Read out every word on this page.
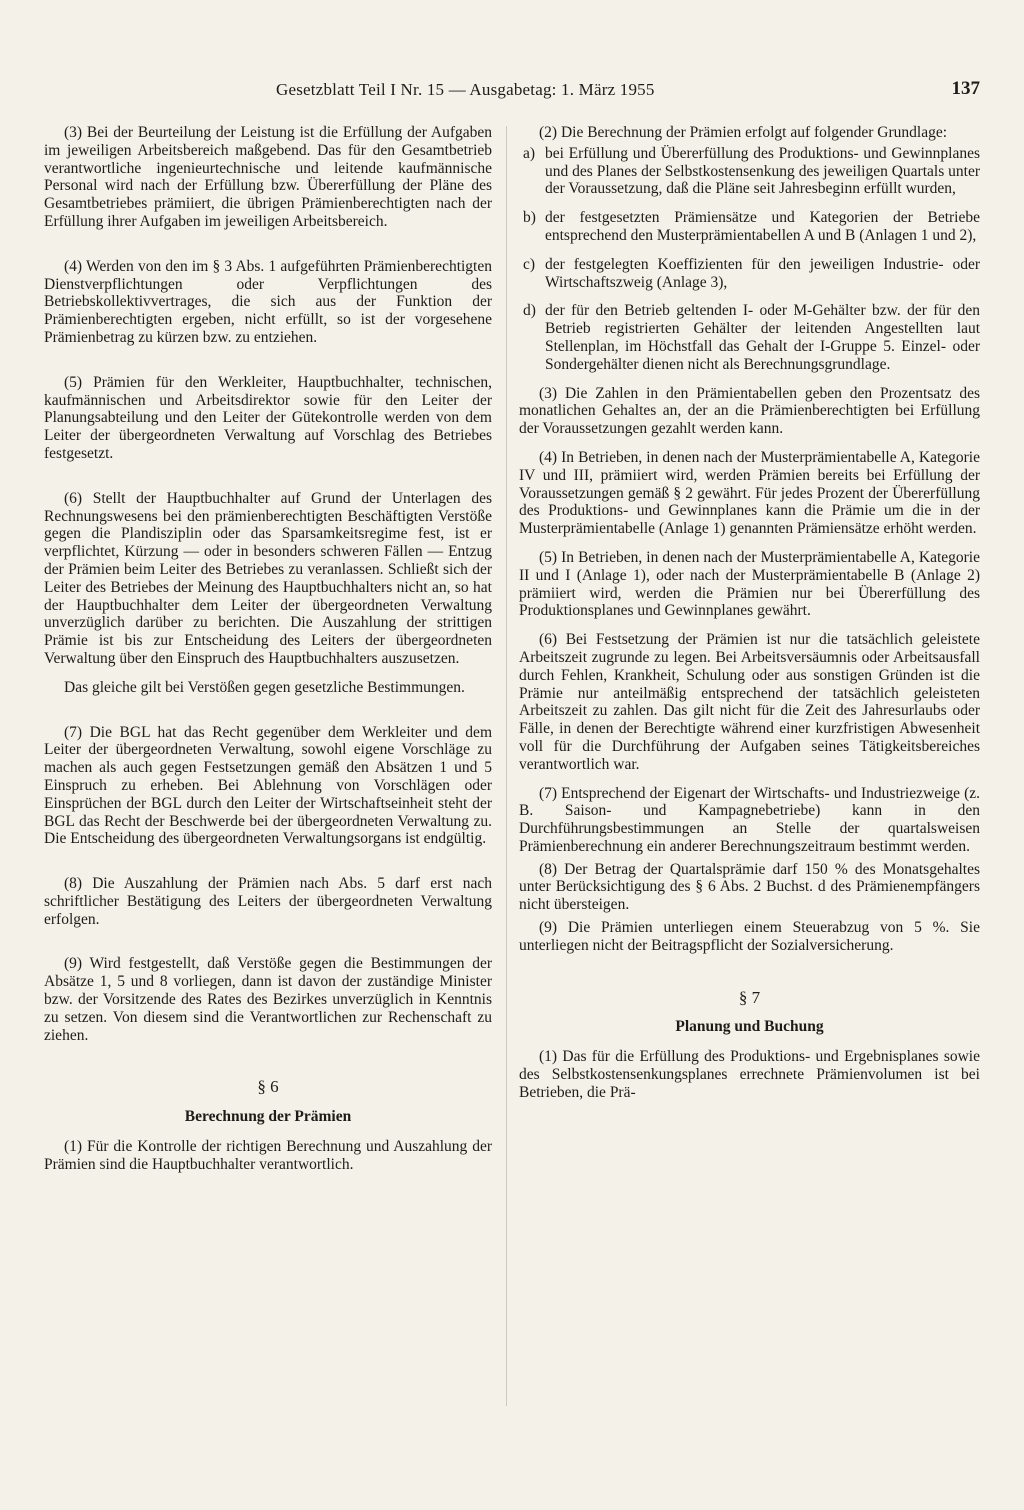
Gesetzblatt Teil I Nr. 15 — Ausgabetag: 1. März 1955	137

(3) Bei der Beurteilung der Leistung ist die Erfüllung der Aufgaben im jeweiligen Arbeitsbereich maßgebend. Das für den Gesamtbetrieb verantwortliche ingenieurtechnische und leitende kaufmännische Personal wird nach der Erfüllung bzw. Übererfüllung der Pläne des Gesamtbetriebes prämiiert, die übrigen Prämienberechtigten nach der Erfüllung ihrer Aufgaben im jeweiligen Arbeitsbereich.

(4) Werden von den im § 3 Abs. 1 aufgeführten Prämienberechtigten Dienstverpflichtungen oder Verpflichtungen des Betriebskollektivvertrages, die sich aus der Funktion der Prämienberechtigten ergeben, nicht erfüllt, so ist der vorgesehene Prämienbetrag zu kürzen bzw. zu entziehen.

(5) Prämien für den Werkleiter, Hauptbuchhalter, technischen, kaufmännischen und Arbeitsdirektor sowie für den Leiter der Planungsabteilung und den Leiter der Gütekontrolle werden von dem Leiter der übergeordneten Verwaltung auf Vorschlag des Betriebes festgesetzt.

(6) Stellt der Hauptbuchhalter auf Grund der Unterlagen des Rechnungswesens bei den prämienberechtigten Beschäftigten Verstöße gegen die Plandisziplin oder das Sparsamkeitsregime fest, ist er verpflichtet, Kürzung — oder in besonders schweren Fällen — Entzug der Prämien beim Leiter des Betriebes zu veranlassen. Schließt sich der Leiter des Betriebes der Meinung des Hauptbuchhalters nicht an, so hat der Hauptbuchhalter dem Leiter der übergeordneten Verwaltung unverzüglich darüber zu berichten. Die Auszahlung der strittigen Prämie ist bis zur Entscheidung des Leiters der übergeordneten Verwaltung über den Einspruch des Hauptbuchhalters auszusetzen.

Das gleiche gilt bei Verstößen gegen gesetzliche Bestimmungen.

(7) Die BGL hat das Recht gegenüber dem Werkleiter und dem Leiter der übergeordneten Verwaltung, sowohl eigene Vorschläge zu machen als auch gegen Festsetzungen gemäß den Absätzen 1 und 5 Einspruch zu erheben. Bei Ablehnung von Vorschlägen oder Einsprüchen der BGL durch den Leiter der Wirtschaftseinheit steht der BGL das Recht der Beschwerde bei der übergeordneten Verwaltung zu. Die Entscheidung des übergeordneten Verwaltungsorgans ist endgültig.

(8) Die Auszahlung der Prämien nach Abs. 5 darf erst nach schriftlicher Bestätigung des Leiters der übergeordneten Verwaltung erfolgen.

(9) Wird festgestellt, daß Verstöße gegen die Bestimmungen der Absätze 1, 5 und 8 vorliegen, dann ist davon der zuständige Minister bzw. der Vorsitzende des Rates des Bezirkes unverzüglich in Kenntnis zu setzen. Von diesem sind die Verantwortlichen zur Rechenschaft zu ziehen.

§ 6
Berechnung der Prämien

(1) Für die Kontrolle der richtigen Berechnung und Auszahlung der Prämien sind die Hauptbuchhalter verantwortlich.

(2) Die Berechnung der Prämien erfolgt auf folgender Grundlage:

a) bei Erfüllung und Übererfüllung des Produktions- und Gewinnplanes und des Planes der Selbstkostensenkung des jeweiligen Quartals unter der Voraussetzung, daß die Pläne seit Jahresbeginn erfüllt wurden,
b) der festgesetzten Prämiensätze und Kategorien der Betriebe entsprechend den Musterprämientabellen A und B (Anlagen 1 und 2),
c) der festgelegten Koeffizienten für den jeweiligen Industrie- oder Wirtschaftszweig (Anlage 3),
d) der für den Betrieb geltenden I- oder M-Gehälter bzw. der für den Betrieb registrierten Gehälter der leitenden Angestellten laut Stellenplan, im Höchstfall das Gehalt der I-Gruppe 5. Einzel- oder Sondergehälter dienen nicht als Berechnungsgrundlage.

(3) Die Zahlen in den Prämientabellen geben den Prozentsatz des monatlichen Gehaltes an, der an die Prämienberechtigten bei Erfüllung der Voraussetzungen gezahlt werden kann.

(4) In Betrieben, in denen nach der Musterprämientabelle A, Kategorie IV und III, prämiiert wird, werden Prämien bereits bei Erfüllung der Voraussetzungen gemäß § 2 gewährt. Für jedes Prozent der Übererfüllung des Produktions- und Gewinnplanes kann die Prämie um die in der Musterprämientabelle (Anlage 1) genannten Prämiensätze erhöht werden.

(5) In Betrieben, in denen nach der Musterprämientabelle A, Kategorie II und I (Anlage 1), oder nach der Musterprämientabelle B (Anlage 2) prämiiert wird, werden die Prämien nur bei Übererfüllung des Produktionsplanes und Gewinnplanes gewährt.

(6) Bei Festsetzung der Prämien ist nur die tatsächlich geleistete Arbeitszeit zugrunde zu legen. Bei Arbeitsversäumnis oder Arbeitsausfall durch Fehlen, Krankheit, Schulung oder aus sonstigen Gründen ist die Prämie nur anteilmäßig entsprechend der tatsächlich geleisteten Arbeitszeit zu zahlen. Das gilt nicht für die Zeit des Jahresurlaubs oder Fälle, in denen der Berechtigte während einer kurzfristigen Abwesenheit voll für die Durchführung der Aufgaben seines Tätigkeitsbereiches verantwortlich war.

(7) Entsprechend der Eigenart der Wirtschafts- und Industriezweige (z. B. Saison- und Kampagnebetriebe) kann in den Durchführungsbestimmungen an Stelle der quartalsweisen Prämienberechnung ein anderer Berechnungszeitraum bestimmt werden.

(8) Der Betrag der Quartalsprämie darf 150 % des Monatsgehaltes unter Berücksichtigung des § 6 Abs. 2 Buchst. d des Prämienempfängers nicht übersteigen.

(9) Die Prämien unterliegen einem Steuerabzug von 5 %. Sie unterliegen nicht der Beitragspflicht der Sozialversicherung.

§ 7
Planung und Buchung

(1) Das für die Erfüllung des Produktions- und Ergebnisplanes sowie des Selbstkostensenkungsplanes errechnete Prämienvolumen ist bei Betrieben, die Prä-
